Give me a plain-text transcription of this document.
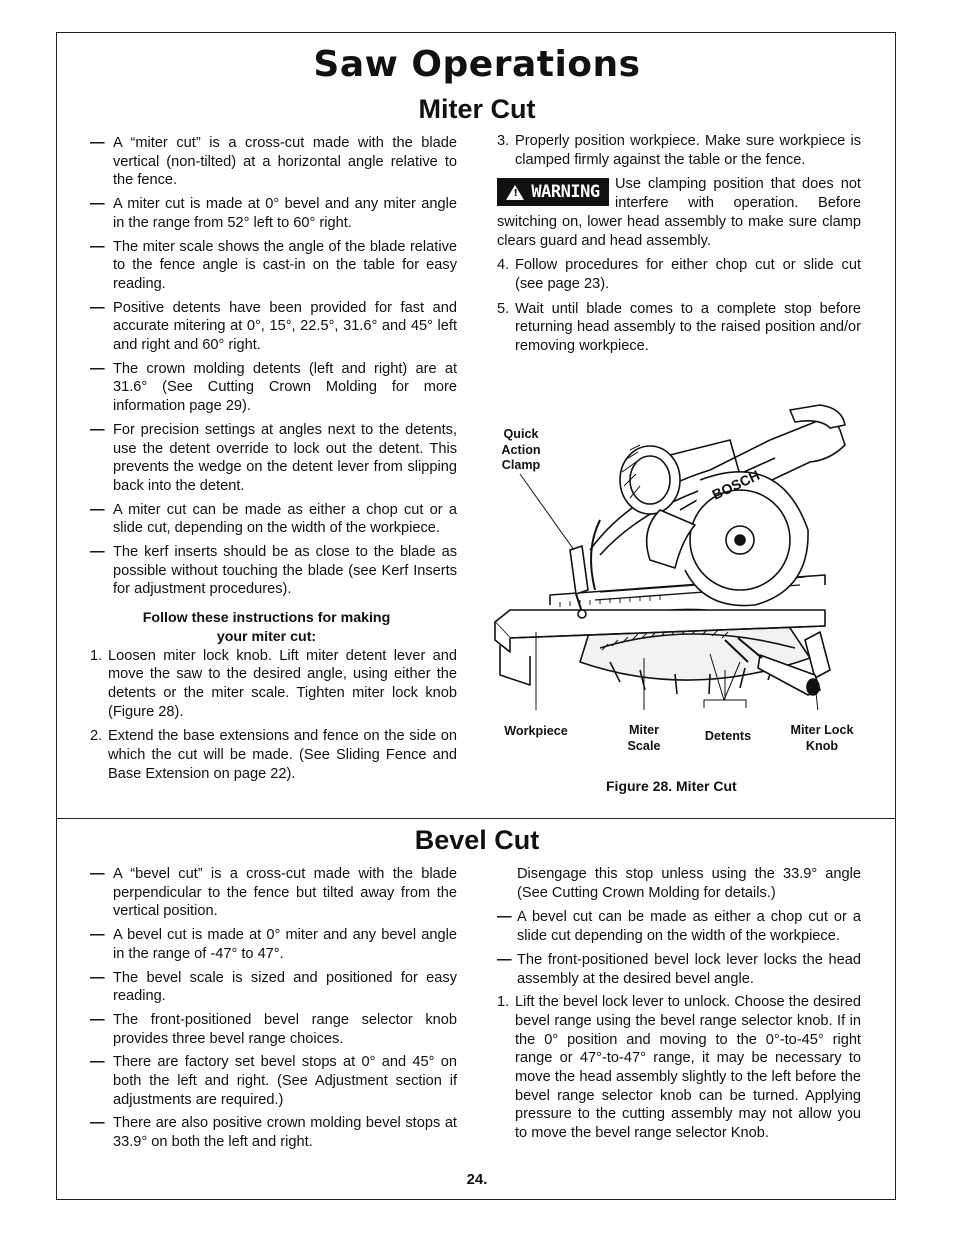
Saw Operations
Miter Cut
— A “miter cut” is a cross-cut made with the blade vertical (non-tilted) at a horizontal angle relative to the fence.
— A miter cut is made at 0° bevel and any miter angle in the range from 52° left to 60° right.
— The miter scale shows the angle of the blade relative to the fence angle is cast-in on the table for easy reading.
— Positive detents have been provided for fast and accurate mitering at 0°, 15°, 22.5°, 31.6° and 45° left and right and 60° right.
— The crown molding detents (left and right) are at 31.6° (See Cutting Crown Molding for more information page 29).
— For precision settings at angles next to the detents, use the detent override to lock out the detent. This prevents the wedge on the detent lever from slipping back into the detent.
— A miter cut can be made as either a chop cut or a slide cut, depending on the width of the workpiece.
— The kerf inserts should be as close to the blade as possible without touching the blade (see Kerf Inserts for adjustment procedures).
Follow these instructions for making
your miter cut:
1. Loosen miter lock knob. Lift miter detent lever and move the saw to the desired angle, using either the detents or the miter scale. Tighten miter lock knob (Figure 28).
2. Extend the base extensions and fence on the side on which the cut will be made. (See Sliding Fence and Base Extension on page 22).
3. Properly position workpiece. Make sure workpiece is clamped firmly against the table or the fence.
! WARNING Use clamping position that does not interfere with operation. Before switching on, lower head assembly to make sure clamp clears guard and head assembly.
4. Follow procedures for either chop cut or slide cut (see page 23).
5. Wait until blade comes to a complete stop before returning head assembly to the raised position and/or removing workpiece.
BOSCH
Quick
Action
Clamp
Workpiece	Miter
Scale
Detents	Miter Lock
Knob
Figure 28. Miter Cut
Bevel Cut
— A “bevel cut” is a cross-cut made with the blade perpendicular to the fence but tilted away from the vertical position.
— A bevel cut is made at 0° miter and any bevel angle in the range of -47° to 47°.
— The bevel scale is sized and positioned for easy reading.
— The front-positioned bevel range selector knob provides three bevel range choices.
— There are factory set bevel stops at 0° and 45° on both the left and right. (See Adjustment section if adjustments are required.)
— There are also positive crown molding bevel stops at 33.9° on both the left and right.
Disengage this stop unless using the 33.9° angle (See Cutting Crown Molding for details.)
— A bevel cut can be made as either a chop cut or a slide cut depending on the width of the workpiece.
— The front-positioned bevel lock lever locks the head assembly at the desired bevel angle.
1. Lift the bevel lock lever to unlock. Choose the desired bevel range using the bevel range selector knob. If in the 0° position and moving to the 0°-to-45° right range or 47°-to-47° range, it may be necessary to move the head assembly slightly to the left before the bevel range selector knob can be turned. Applying pressure to the cutting assembly may not allow you to move the bevel range selector Knob.
24.
